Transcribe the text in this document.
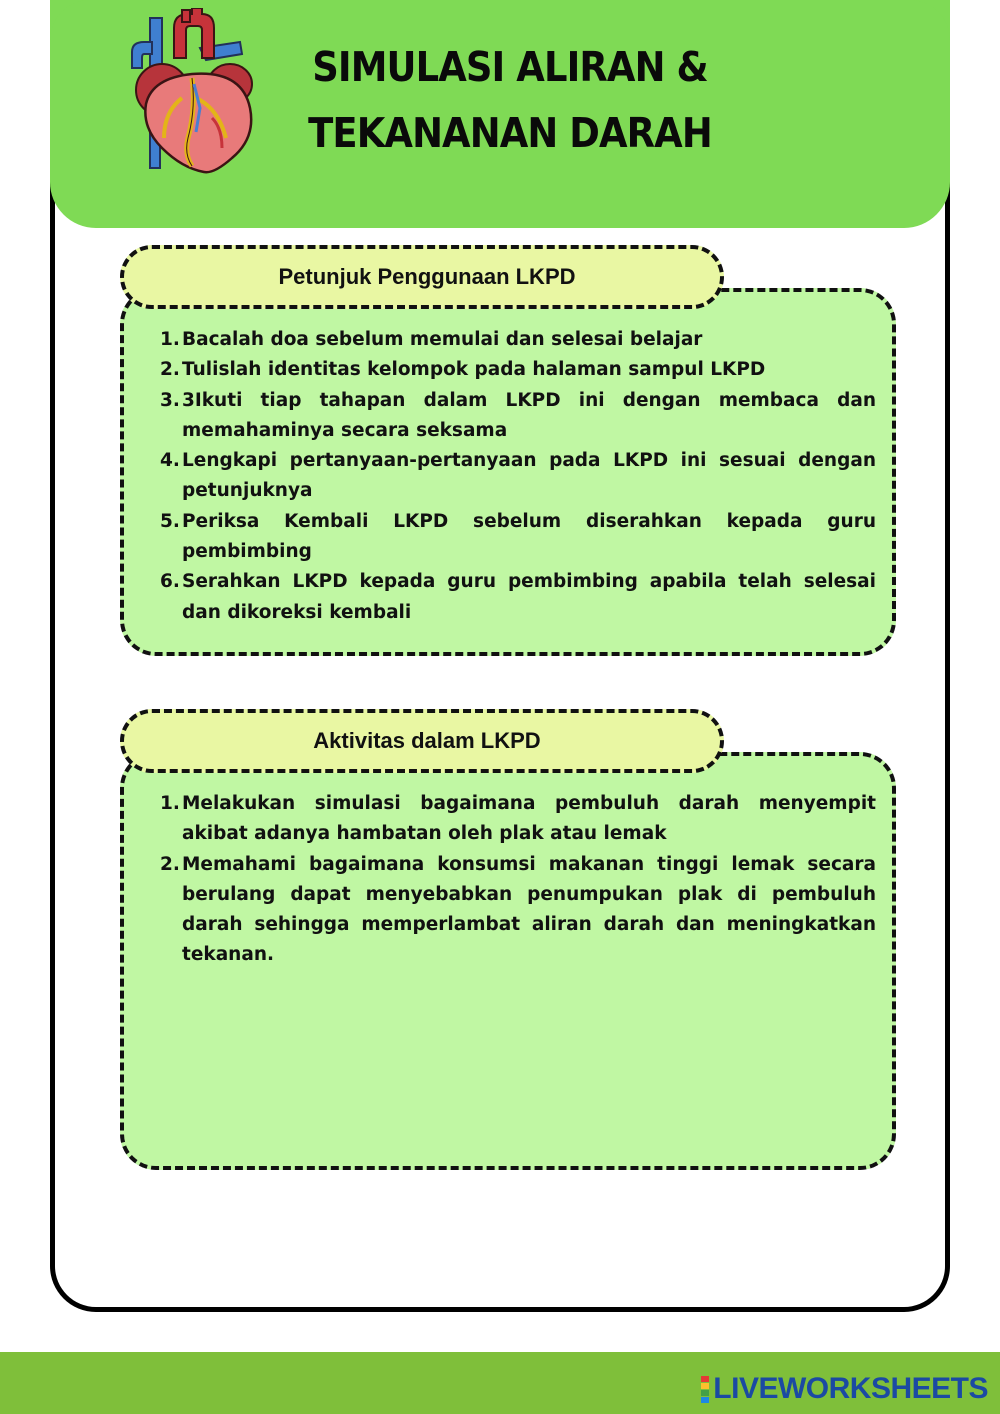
SIMULASI ALIRAN &
TEKANANAN DARAH
Petunjuk Penggunaan LKPD
1. Bacalah doa sebelum memulai dan selesai belajar
2. Tulislah identitas kelompok pada halaman sampul LKPD
3. 3Ikuti tiap tahapan dalam LKPD ini dengan membaca dan memahaminya secara seksama
4. Lengkapi pertanyaan-pertanyaan pada LKPD ini sesuai dengan petunjuknya
5. Periksa Kembali LKPD sebelum diserahkan kepada guru pembimbing
6. Serahkan LKPD kepada guru pembimbing apabila telah selesai dan dikoreksi kembali
Aktivitas dalam LKPD
1. Melakukan simulasi bagaimana pembuluh darah menyempit akibat adanya hambatan oleh plak atau lemak
2. Memahami bagaimana konsumsi makanan tinggi lemak secara berulang dapat menyebabkan penumpukan plak di pembuluh darah sehingga memperlambat aliran darah dan meningkatkan tekanan.
LIVEWORKSHEETS
